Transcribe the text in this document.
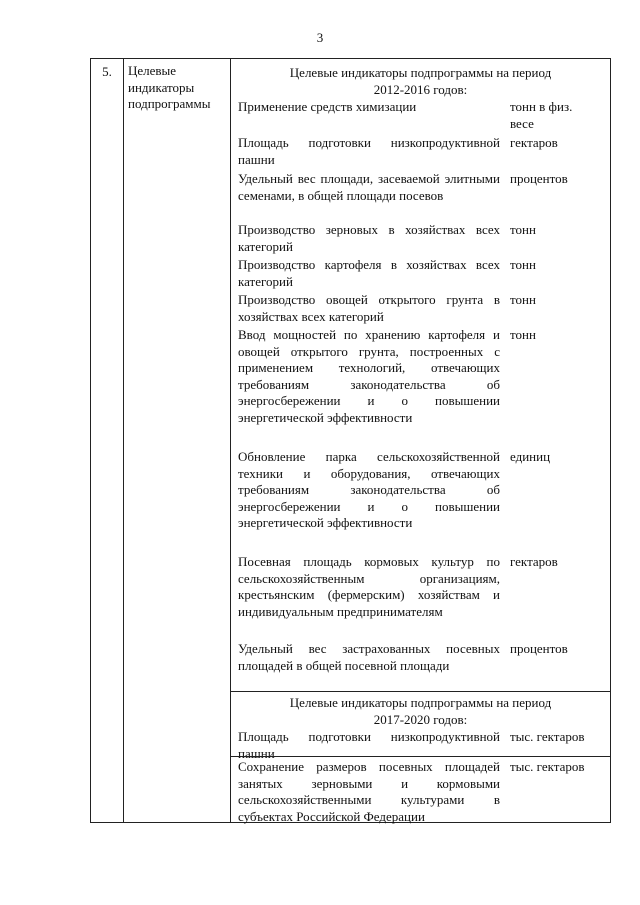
3
5.	Целевые
индикаторы
подпрограммы
Целевые индикаторы подпрограммы на период
2012-2016 годов:
Применение средств химизации	тонн в физ.
весе
Площадь подготовки низкопродуктивной пашни
гектаров
Удельный вес площади, засеваемой элитными семенами, в общей площади посевов
процентов
Производство зерновых в хозяйствах всех категорий
тонн
Производство картофеля в хозяйствах всех категорий
тонн
Производство овощей открытого грунта в хозяйствах всех категорий
тонн
Ввод мощностей по хранению картофеля и овощей открытого грунта, построенных с применением технологий, отвечающих требованиям законодательства об энергосбережении и о повышении энергетической эффективности
тонн
Обновление парка сельскохозяйственной техники и оборудования, отвечающих требованиям законодательства об энергосбережении и о повышении энергетической эффективности
единиц
Посевная площадь кормовых культур по сельскохозяйственным организациям, крестьянским (фермерским) хозяйствам и индивидуальным предпринимателям
гектаров
Удельный вес застрахованных посевных площадей в общей посевной площади
процентов
Целевые индикаторы подпрограммы на период
2017-2020 годов:
Площадь подготовки низкопродуктивной пашни
тыс. гектаров
Сохранение размеров посевных площадей занятых зерновыми и кормовыми сельскохозяйственными культурами в субъектах Российской Федерации
тыс. гектаров
